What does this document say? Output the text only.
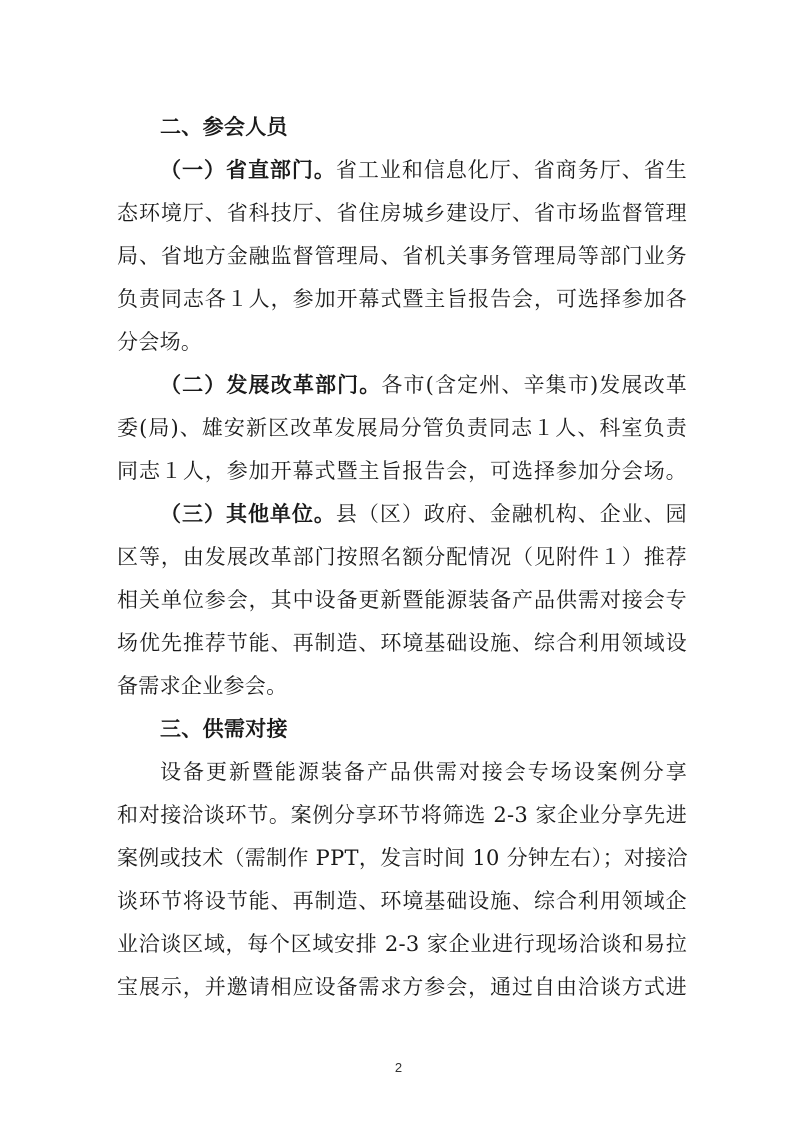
二、参会人员
（一）省直部门。省工业和信息化厅、省商务厅、省生
态环境厅、省科技厅、省住房城乡建设厅、省市场监督管理
局、省地方金融监督管理局、省机关事务管理局等部门业务
负责同志各１人，参加开幕式暨主旨报告会，可选择参加各
分会场。
（二）发展改革部门。各市(含定州、辛集市)发展改革
委(局)、雄安新区改革发展局分管负责同志１人、科室负责
同志１人，参加开幕式暨主旨报告会，可选择参加分会场。
（三）其他单位。县（区）政府、金融机构、企业、园
区等，由发展改革部门按照名额分配情况（见附件１）推荐
相关单位参会，其中设备更新暨能源装备产品供需对接会专
场优先推荐节能、再制造、环境基础设施、综合利用领域设
备需求企业参会。
三、供需对接
设备更新暨能源装备产品供需对接会专场设案例分享
和对接洽谈环节。案例分享环节将筛选 2-3 家企业分享先进
案例或技术（需制作 PPT，发言时间 10 分钟左右）；对接洽
谈环节将设节能、再制造、环境基础设施、综合利用领域企
业洽谈区域，每个区域安排 2-3 家企业进行现场洽谈和易拉
宝展示，并邀请相应设备需求方参会，通过自由洽谈方式进
2
